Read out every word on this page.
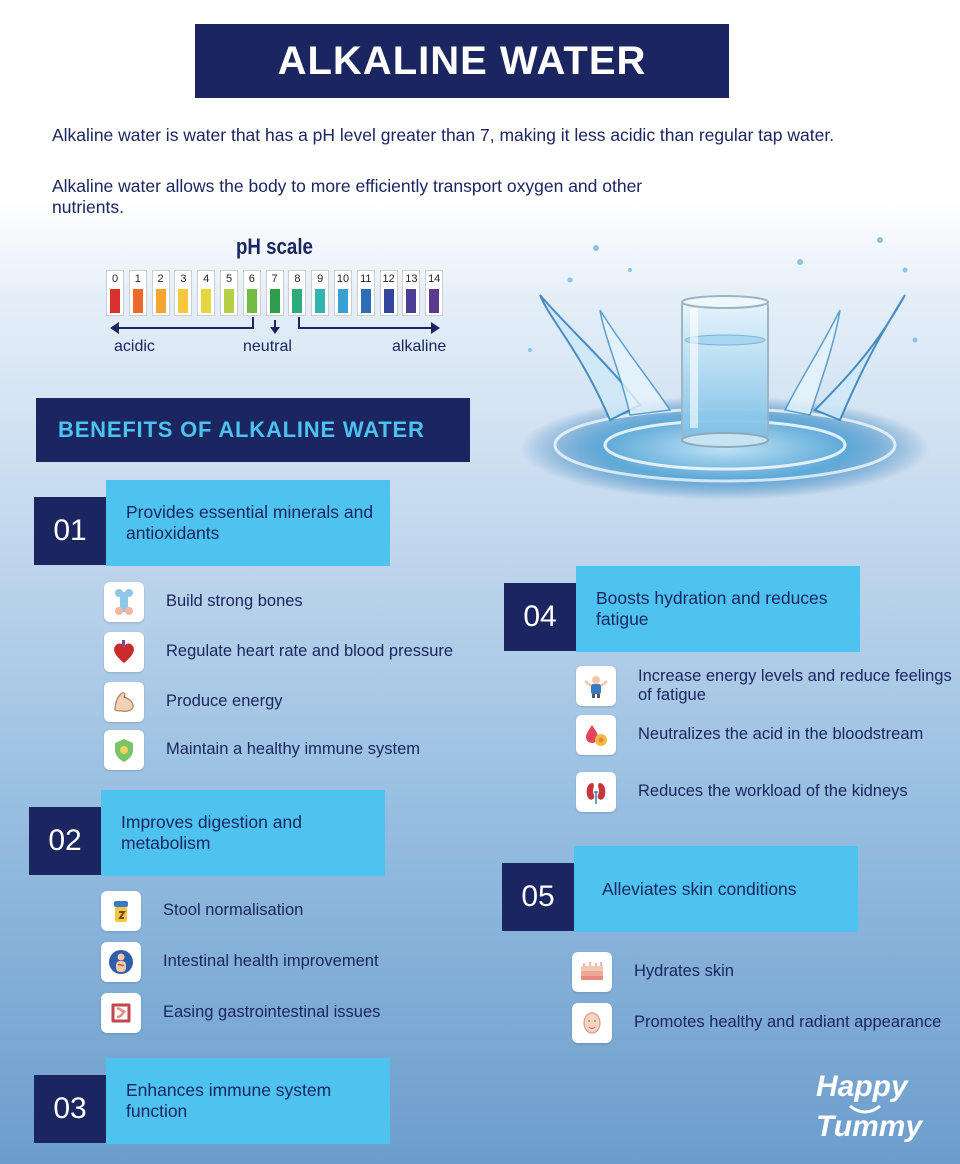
ALKALINE WATER
Alkaline water is water that has a pH level greater than 7, making it less acidic than regular tap water.
Alkaline water allows the body to more efficiently transport oxygen and other nutrients.
pH scale
0	1	2	3	4	5	6	7	8	9	10 11 12 13 14
acidic	neutral	alkaline
BENEFITS OF ALKALINE WATER
Provides essential minerals and antioxidants
01
Build strong bones
Regulate heart rate and blood pressure
Produce energy
Maintain a healthy immune system
Improves digestion and metabolism
02
Stool normalisation
Intestinal health improvement
Easing gastrointestinal issues
Enhances immune system function
03
Boosts hydration and reduces fatigue
04
Increase energy levels and reduce feelings of fatigue
Neutralizes the acid in the bloodstream
Reduces the workload of the kidneys
Alleviates skin conditions
05
Hydrates skin
Promotes healthy and radiant appearance
Happy
Tummy
